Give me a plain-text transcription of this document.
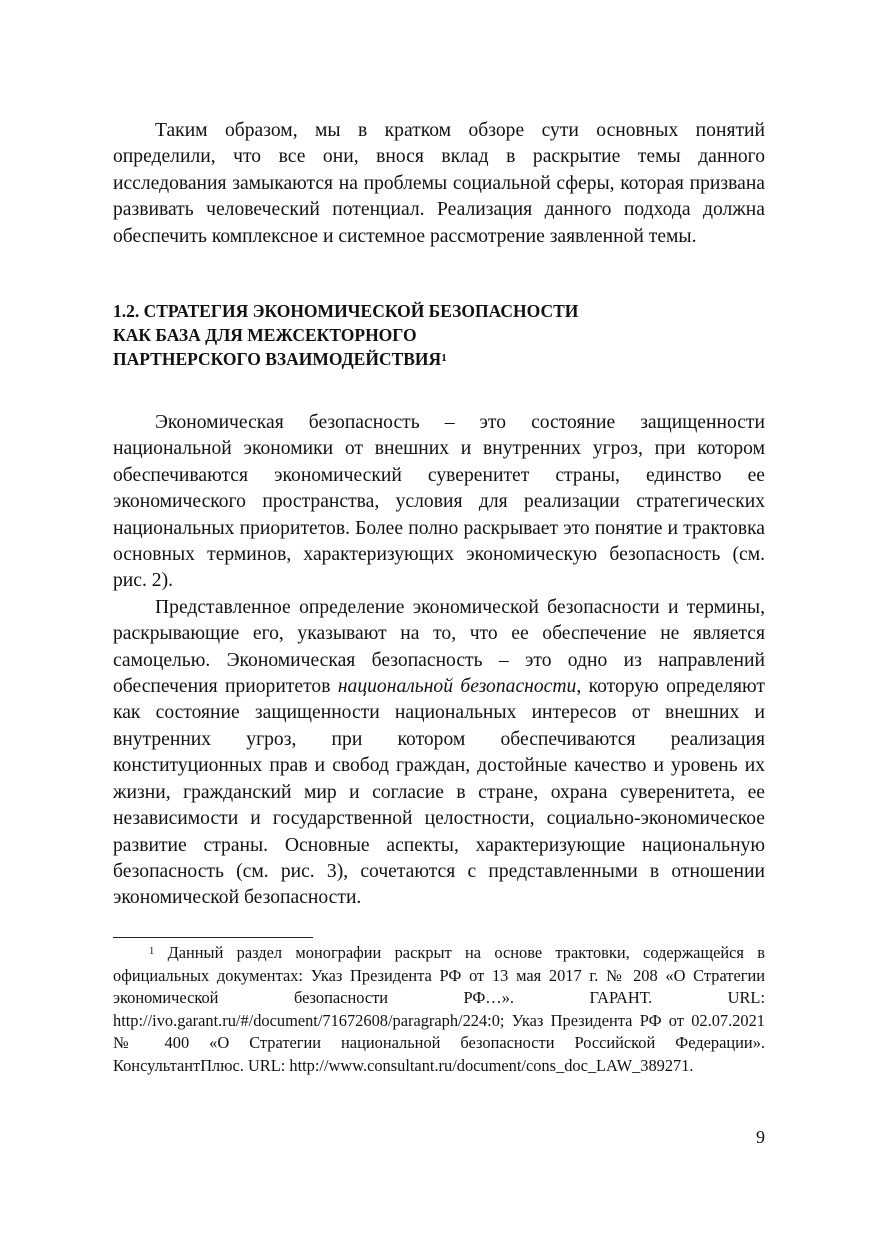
Таким образом, мы в кратком обзоре сути основных понятий определили, что все они, внося вклад в раскрытие темы данного исследования замыкаются на проблемы социальной сферы, которая призвана развивать человеческий потенциал. Реализация данного подхода должна обеспечить комплексное и системное рассмотрение заявленной темы.

1.2. СТРАТЕГИЯ ЭКОНОМИЧЕСКОЙ БЕЗОПАСНОСТИ
КАК БАЗА ДЛЯ МЕЖСЕКТОРНОГО
ПАРТНЕРСКОГО ВЗАИМОДЕЙСТВИЯ$^1$

Экономическая безопасность – это состояние защищенности национальной экономики от внешних и внутренних угроз, при котором обеспечиваются экономический суверенитет страны, единство ее экономического пространства, условия для реализации стратегических национальных приоритетов. Более полно раскрывает это понятие и трактовка основных терминов, характеризующих экономическую безопасность (см. рис. 2).

Представленное определение экономической безопасности и термины, раскрывающие его, указывают на то, что ее обеспечение не является самоцелью. Экономическая безопасность – это одно из направлений обеспечения приоритетов национальной безопасности, которую определяют как состояние защищенности национальных интересов от внешних и внутренних угроз, при котором обеспечиваются реализация конституционных прав и свобод граждан, достойные качество и уровень их жизни, гражданский мир и согласие в стране, охрана суверенитета, ее независимости и государственной целостности, социально-экономическое развитие страны. Основные аспекты, характеризующие национальную безопасность (см. рис. 3), сочетаются с представленными в отношении экономической безопасности.

$^1$ Данный раздел монографии раскрыт на основе трактовки, содержащейся в официальных документах: Указ Президента РФ от 13 мая 2017 г. № 208 «О Стратегии экономической безопасности РФ…». ГАРАНТ. URL: http://ivo.garant.ru/#/document/71672608/paragraph/224:0; Указ Президента РФ от 02.07.2021 № 400 «О Стратегии национальной безопасности Российской Федерации». КонсультантПлюс. URL: http://www.consultant.ru/document/cons_doc_LAW_389271.

9
